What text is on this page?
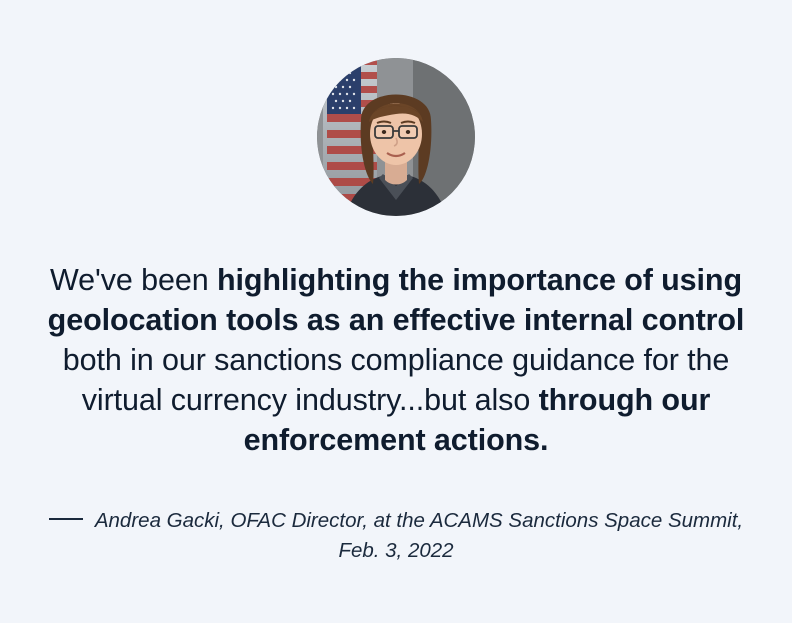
We've been highlighting the importance of using geolocation tools as an effective internal control both in our sanctions compliance guidance for the virtual currency industry...but also through our enforcement actions.
Andrea Gacki, OFAC Director, at the ACAMS Sanctions Space Summit, Feb. 3, 2022
